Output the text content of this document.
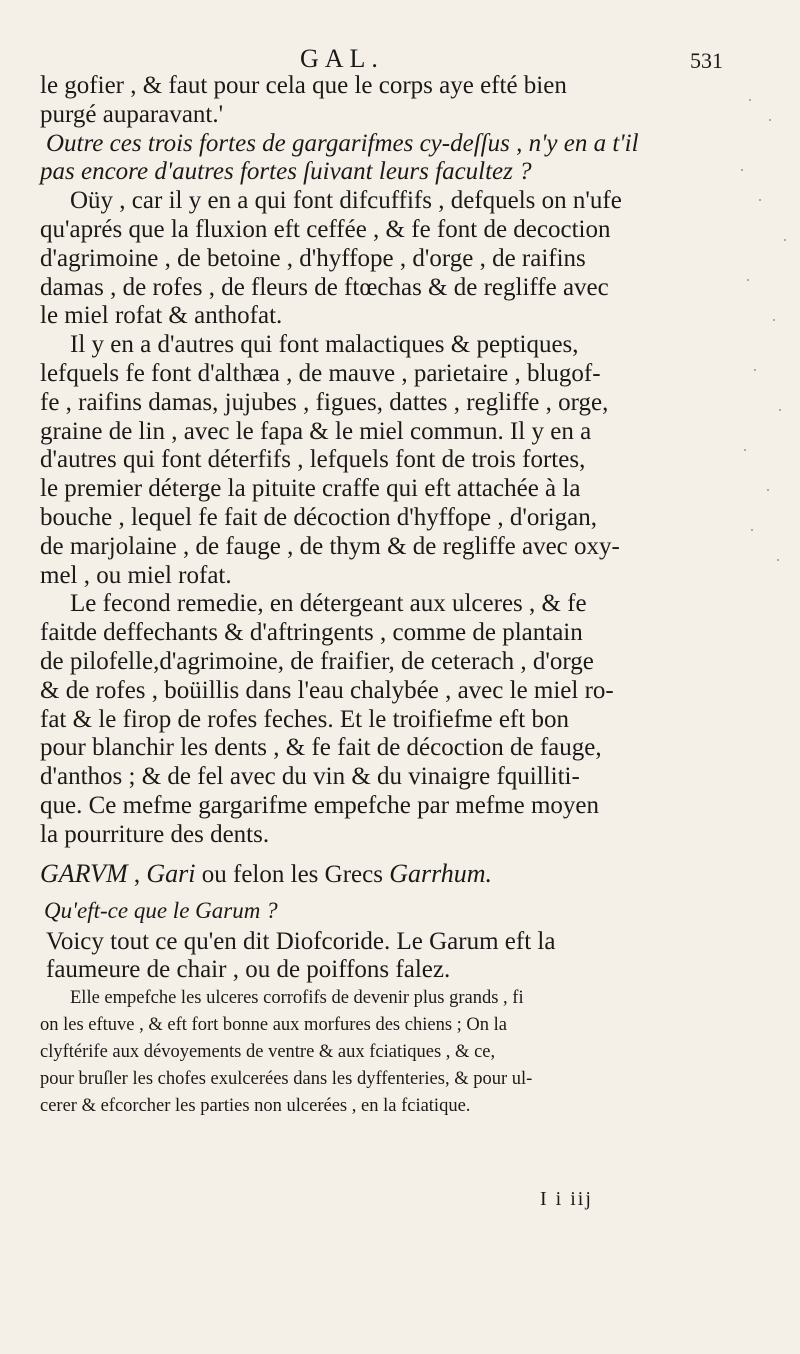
GAL.	531
le gofier , & faut pour cela que le corps aye efté bien
purgé auparavant.'
Outre ces trois fortes de gargarifmes cy-deſſus , n'y en a t'il
pas encore d'autres fortes ſuivant leurs facultez ?
Oüy , car il y en a qui font difcuffifs , defquels on n'ufe
qu'aprés que la fluxion eft ceffée , & fe font de decoction
d'agrimoine , de betoine , d'hyffope , d'orge , de raifins
damas , de rofes , de fleurs de ftœchas & de regliffe avec
le miel rofat & anthofat.
Il y en a d'autres qui font malactiques & peptiques,
lefquels fe font d'althæa , de mauve , parietaire , blugof-
fe , raifins damas, jujubes , figues, dattes , regliffe , orge,
graine de lin , avec le fapa & le miel commun. Il y en a
d'autres qui font déterfifs , lefquels font de trois fortes,
le premier déterge la pituite craffe qui eft attachée à la
bouche , lequel fe fait de décoction d'hyffope , d'origan,
de marjolaine , de fauge , de thym & de regliffe avec oxy-
mel , ou miel rofat.
Le fecond remedie, en détergeant aux ulceres , & fe
faitde deffechants & d'aftringents , comme de plantain
de pilofelle,d'agrimoine, de fraifier, de ceterach , d'orge
& de rofes , boüillis dans l'eau chalybée , avec le miel ro-
fat & le firop de rofes feches. Et le troifiefme eft bon
pour blanchir les dents , & fe fait de décoction de fauge,
d'anthos ; & de fel avec du vin & du vinaigre fquilliti-
que. Ce mefme gargarifme empefche par mefme moyen
la pourriture des dents.
GARVM , Gari ou felon les Grecs Garrhum.
Qu'eft-ce que le Garum ?
Voicy tout ce qu'en dit Diofcoride. Le Garum eft la
faumeure de chair , ou de poiffons falez.
Elle empefche les ulceres corrofifs de devenir plus grands , fi
on les eftuve , & eft fort bonne aux morfures des chiens ; On la
clyftérife aux dévoyements de ventre & aux fciatiques , & ce,
pour bruſler les chofes exulcerées dans les dyffenteries, & pour ul-
cerer & efcorcher les parties non ulcerées , en la fciatique.
I i iij
